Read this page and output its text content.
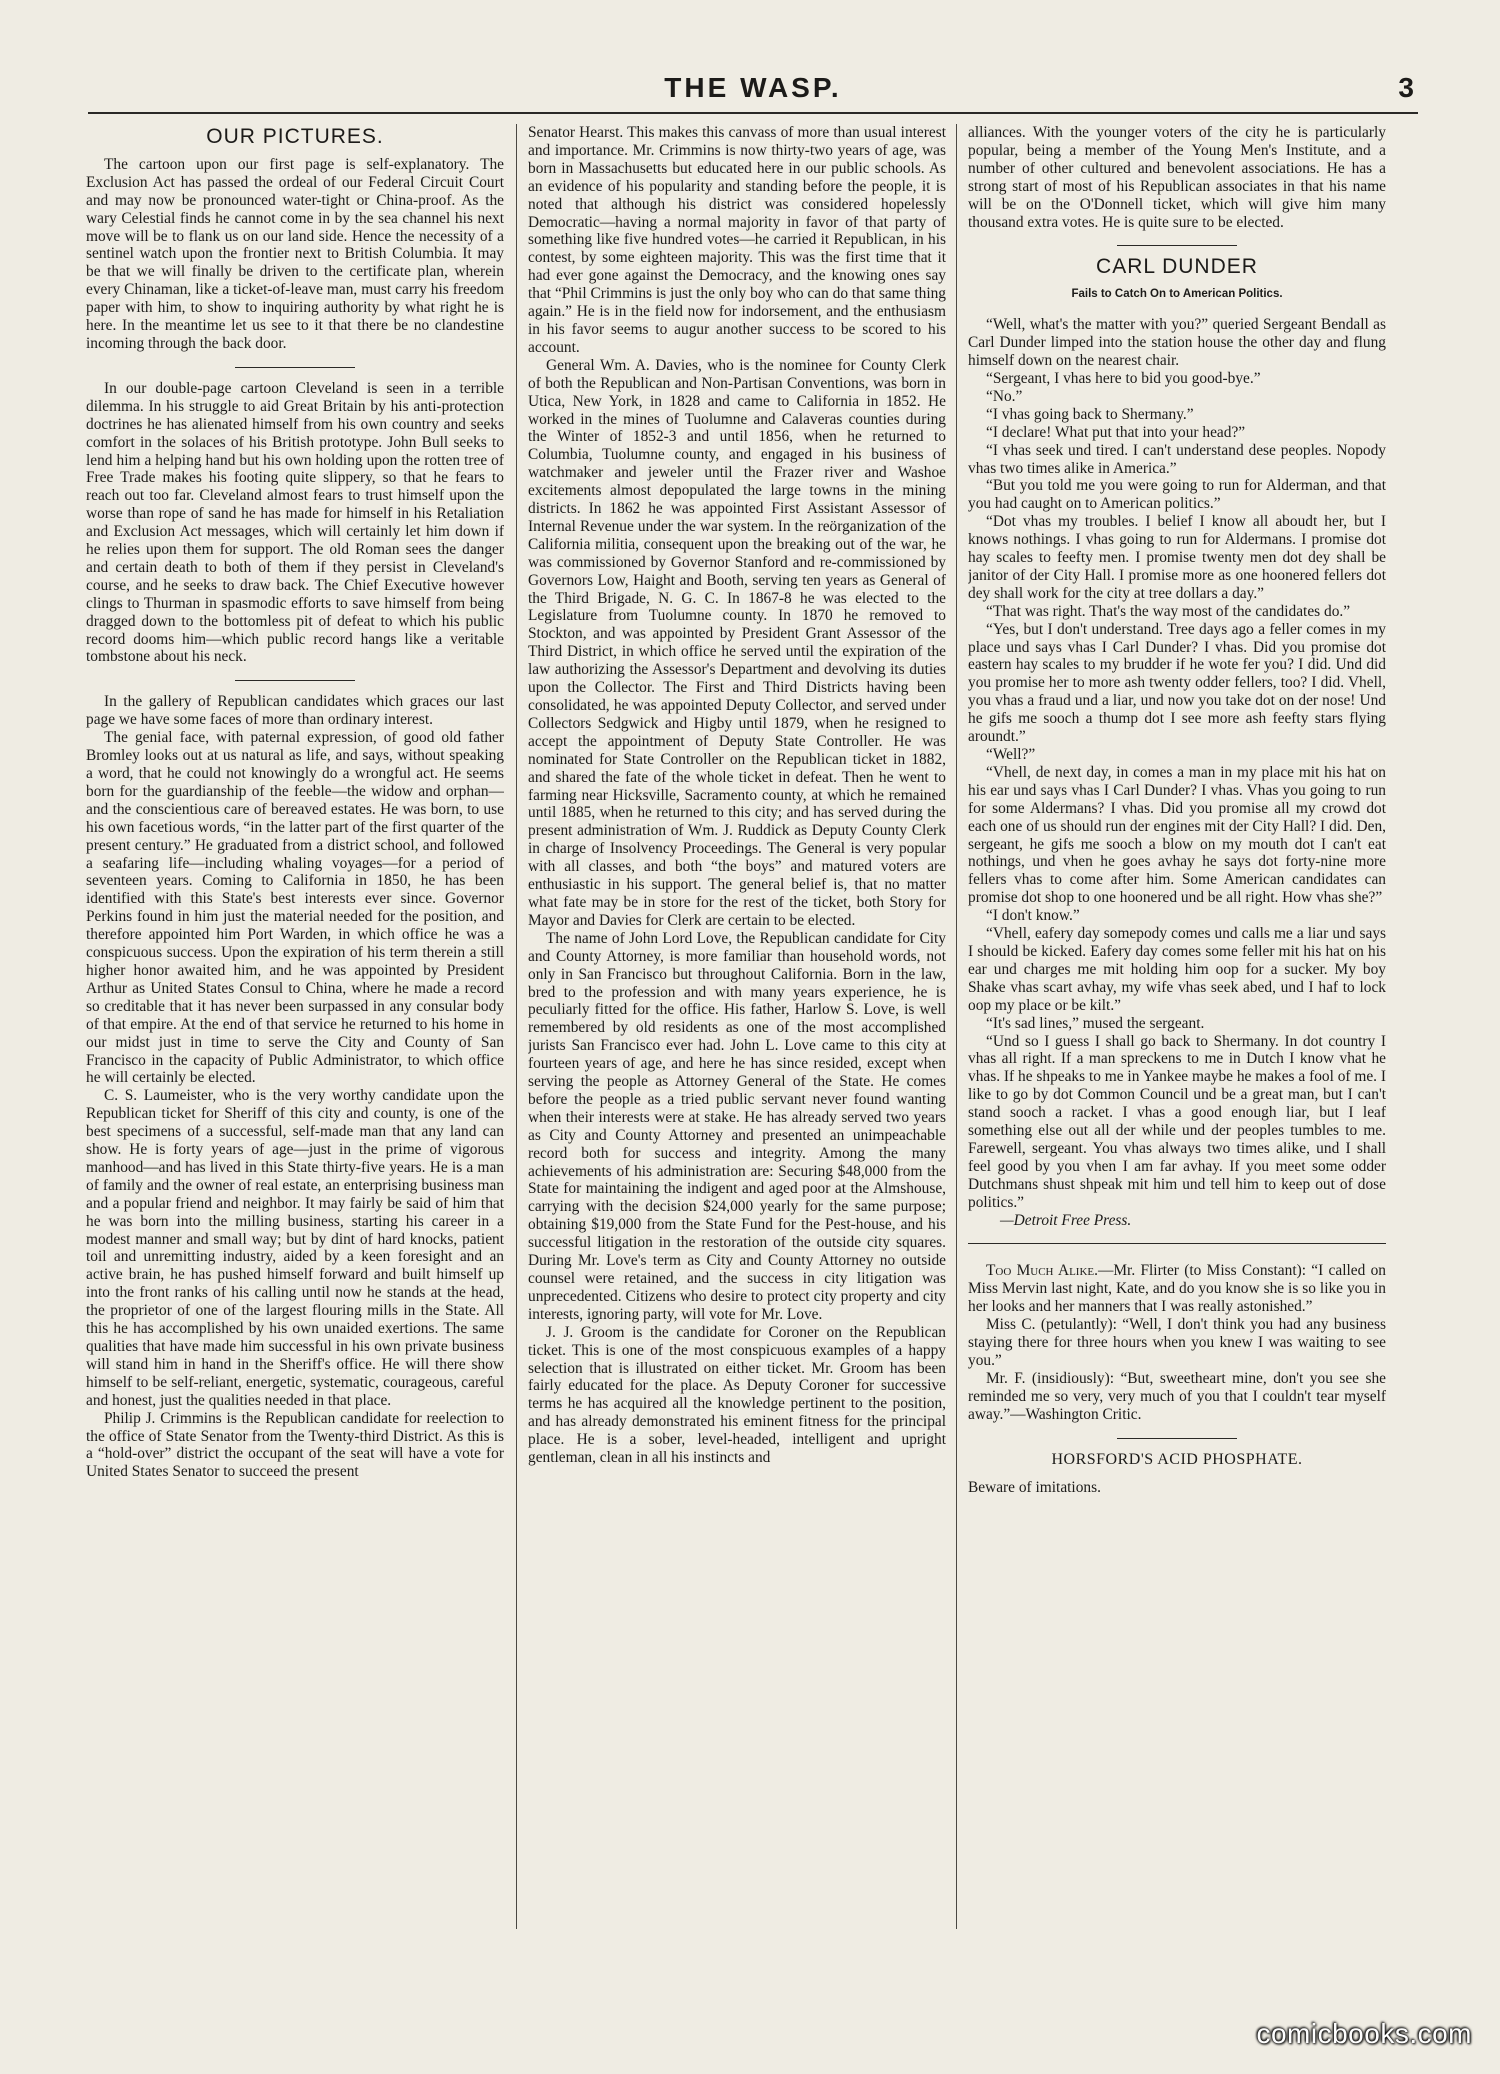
THE WASP.	3
OUR PICTURES.

The cartoon upon our first page is self-explanatory. The Exclusion Act has passed the ordeal of our Federal Circuit Court and may now be pronounced water-tight or China-proof. As the wary Celestial finds he cannot come in by the sea channel his next move will be to flank us on our land side. Hence the necessity of a sentinel watch upon the frontier next to British Columbia. It may be that we will finally be driven to the certificate plan, wherein every Chinaman, like a ticket-of-leave man, must carry his freedom paper with him, to show to inquiring authority by what right he is here. In the meantime let us see to it that there be no clandestine incoming through the back door.

In our double-page cartoon Cleveland is seen in a terrible dilemma. In his struggle to aid Great Britain by his anti-protection doctrines he has alienated himself from his own country and seeks comfort in the solaces of his British prototype. John Bull seeks to lend him a helping hand but his own holding upon the rotten tree of Free Trade makes his footing quite slippery, so that he fears to reach out too far. Cleveland almost fears to trust himself upon the worse than rope of sand he has made for himself in his Retaliation and Exclusion Act messages, which will certainly let him down if he relies upon them for support. The old Roman sees the danger and certain death to both of them if they persist in Cleveland's course, and he seeks to draw back. The Chief Executive however clings to Thurman in spasmodic efforts to save himself from being dragged down to the bottomless pit of defeat to which his public record dooms him—which public record hangs like a veritable tombstone about his neck.

In the gallery of Republican candidates which graces our last page we have some faces of more than ordinary interest.

The genial face, with paternal expression, of good old father Bromley looks out at us natural as life, and says, without speaking a word, that he could not knowingly do a wrongful act. He seems born for the guardianship of the feeble—the widow and orphan—and the conscientious care of bereaved estates. He was born, to use his own facetious words, “in the latter part of the first quarter of the present century.” He graduated from a district school, and followed a seafaring life—including whaling voyages—for a period of seventeen years. Coming to California in 1850, he has been identified with this State's best interests ever since. Governor Perkins found in him just the material needed for the position, and therefore appointed him Port Warden, in which office he was a conspicuous success. Upon the expiration of his term therein a still higher honor awaited him, and he was appointed by President Arthur as United States Consul to China, where he made a record so creditable that it has never been surpassed in any consular body of that empire. At the end of that service he returned to his home in our midst just in time to serve the City and County of San Francisco in the capacity of Public Administrator, to which office he will certainly be elected.

C. S. Laumeister, who is the very worthy candidate upon the Republican ticket for Sheriff of this city and county, is one of the best specimens of a successful, self-made man that any land can show. He is forty years of age—just in the prime of vigorous manhood—and has lived in this State thirty-five years. He is a man of family and the owner of real estate, an enterprising business man and a popular friend and neighbor. It may fairly be said of him that he was born into the milling business, starting his career in a modest manner and small way; but by dint of hard knocks, patient toil and unremitting industry, aided by a keen foresight and an active brain, he has pushed himself forward and built himself up into the front ranks of his calling until now he stands at the head, the proprietor of one of the largest flouring mills in the State. All this he has accomplished by his own unaided exertions. The same qualities that have made him successful in his own private business will stand him in hand in the Sheriff's office. He will there show himself to be self-reliant, energetic, systematic, courageous, careful and honest, just the qualities needed in that place.

Philip J. Crimmins is the Republican candidate for reelection to the office of State Senator from the Twenty-third District. As this is a “hold-over” district the occupant of the seat will have a vote for United States Senator to succeed the present

Senator Hearst. This makes this canvass of more than usual interest and importance. Mr. Crimmins is now thirty-two years of age, was born in Massachusetts but educated here in our public schools. As an evidence of his popularity and standing before the people, it is noted that although his district was considered hopelessly Democratic—having a normal majority in favor of that party of something like five hundred votes—he carried it Republican, in his contest, by some eighteen majority. This was the first time that it had ever gone against the Democracy, and the knowing ones say that “Phil Crimmins is just the only boy who can do that same thing again.” He is in the field now for indorsement, and the enthusiasm in his favor seems to augur another success to be scored to his account.

General Wm. A. Davies, who is the nominee for County Clerk of both the Republican and Non-Partisan Conventions, was born in Utica, New York, in 1828 and came to California in 1852. He worked in the mines of Tuolumne and Calaveras counties during the Winter of 1852-3 and until 1856, when he returned to Columbia, Tuolumne county, and engaged in his business of watchmaker and jeweler until the Frazer river and Washoe excitements almost depopulated the large towns in the mining districts. In 1862 he was appointed First Assistant Assessor of Internal Revenue under the war system. In the reörganization of the California militia, consequent upon the breaking out of the war, he was commissioned by Governor Stanford and re-commissioned by Governors Low, Haight and Booth, serving ten years as General of the Third Brigade, N. G. C. In 1867-8 he was elected to the Legislature from Tuolumne county. In 1870 he removed to Stockton, and was appointed by President Grant Assessor of the Third District, in which office he served until the expiration of the law authorizing the Assessor's Department and devolving its duties upon the Collector. The First and Third Districts having been consolidated, he was appointed Deputy Collector, and served under Collectors Sedgwick and Higby until 1879, when he resigned to accept the appointment of Deputy State Controller. He was nominated for State Controller on the Republican ticket in 1882, and shared the fate of the whole ticket in defeat. Then he went to farming near Hicksville, Sacramento county, at which he remained until 1885, when he returned to this city; and has served during the present administration of Wm. J. Ruddick as Deputy County Clerk in charge of Insolvency Proceedings. The General is very popular with all classes, and both “the boys” and matured voters are enthusiastic in his support. The general belief is, that no matter what fate may be in store for the rest of the ticket, both Story for Mayor and Davies for Clerk are certain to be elected.

The name of John Lord Love, the Republican candidate for City and County Attorney, is more familiar than household words, not only in San Francisco but throughout California. Born in the law, bred to the profession and with many years experience, he is peculiarly fitted for the office. His father, Harlow S. Love, is well remembered by old residents as one of the most accomplished jurists San Francisco ever had. John L. Love came to this city at fourteen years of age, and here he has since resided, except when serving the people as Attorney General of the State. He comes before the people as a tried public servant never found wanting when their interests were at stake. He has already served two years as City and County Attorney and presented an unimpeachable record both for success and integrity. Among the many achievements of his administration are: Securing $48,000 from the State for maintaining the indigent and aged poor at the Almshouse, carrying with the decision $24,000 yearly for the same purpose; obtaining $19,000 from the State Fund for the Pest-house, and his successful litigation in the restoration of the outside city squares. During Mr. Love's term as City and County Attorney no outside counsel were retained, and the success in city litigation was unprecedented. Citizens who desire to protect city property and city interests, ignoring party, will vote for Mr. Love.

J. J. Groom is the candidate for Coroner on the Republican ticket. This is one of the most conspicuous examples of a happy selection that is illustrated on either ticket. Mr. Groom has been fairly educated for the place. As Deputy Coroner for successive terms he has acquired all the knowledge pertinent to the position, and has already demonstrated his eminent fitness for the principal place. He is a sober, level-headed, intelligent and upright gentleman, clean in all his instincts and

alliances. With the younger voters of the city he is particularly popular, being a member of the Young Men's Institute, and a number of other cultured and benevolent associations. He has a strong start of most of his Republican associates in that his name will be on the O'Donnell ticket, which will give him many thousand extra votes. He is quite sure to be elected.

CARL DUNDER
Fails to Catch On to American Politics.

“Well, what's the matter with you?” queried Sergeant Bendall as Carl Dunder limped into the station house the other day and flung himself down on the nearest chair.

“Sergeant, I vhas here to bid you good-bye.”

“No.”

“I vhas going back to Shermany.”

“I declare! What put that into your head?”

“I vhas seek und tired. I can't understand dese peoples. Nopody vhas two times alike in America.”

“But you told me you were going to run for Alderman, and that you had caught on to American politics.”

“Dot vhas my troubles. I belief I know all aboudt her, but I knows nothings. I vhas going to run for Aldermans. I promise dot hay scales to feefty men. I promise twenty men dot dey shall be janitor of der City Hall. I promise more as one hoonered fellers dot dey shall work for the city at tree dollars a day.”

“That was right. That's the way most of the candidates do.”

“Yes, but I don't understand. Tree days ago a feller comes in my place und says vhas I Carl Dunder? I vhas. Did you promise dot eastern hay scales to my brudder if he wote fer you? I did. Und did you promise her to more ash twenty odder fellers, too? I did. Vhell, you vhas a fraud und a liar, und now you take dot on der nose! Und he gifs me sooch a thump dot I see more ash feefty stars flying aroundt.”

“Well?”

“Vhell, de next day, in comes a man in my place mit his hat on his ear und says vhas I Carl Dunder? I vhas. Vhas you going to run for some Aldermans? I vhas. Did you promise all my crowd dot each one of us should run der engines mit der City Hall? I did. Den, sergeant, he gifs me sooch a blow on my mouth dot I can't eat nothings, und vhen he goes avhay he says dot forty-nine more fellers vhas to come after him. Some American candidates can promise dot shop to one hoonered und be all right. How vhas she?”

“I don't know.”

“Vhell, eafery day somepody comes und calls me a liar und says I should be kicked. Eafery day comes some feller mit his hat on his ear und charges me mit holding him oop for a sucker. My boy Shake vhas scart avhay, my wife vhas seek abed, und I haf to lock oop my place or be kilt.”

“It's sad lines,” mused the sergeant.

“Und so I guess I shall go back to Shermany. In dot country I vhas all right. If a man spreckens to me in Dutch I know vhat he vhas. If he shpeaks to me in Yankee maybe he makes a fool of me. I like to go by dot Common Council und be a great man, but I can't stand sooch a racket. I vhas a good enough liar, but I leaf something else out all der while und der peoples tumbles to me. Farewell, sergeant. You vhas always two times alike, und I shall feel good by you vhen I am far avhay. If you meet some odder Dutchmans shust shpeak mit him und tell him to keep out of dose politics.”

—Detroit Free Press.

Too Much Alike.—Mr. Flirter (to Miss Constant): “I called on Miss Mervin last night, Kate, and do you know she is so like you in her looks and her manners that I was really astonished.”

Miss C. (petulantly): “Well, I don't think you had any business staying there for three hours when you knew I was waiting to see you.”

Mr. F. (insidiously): “But, sweetheart mine, don't you see she reminded me so very, very much of you that I couldn't tear myself away.”—Washington Critic.

HORSFORD'S ACID PHOSPHATE.

Beware of imitations.

comicbooks.com
